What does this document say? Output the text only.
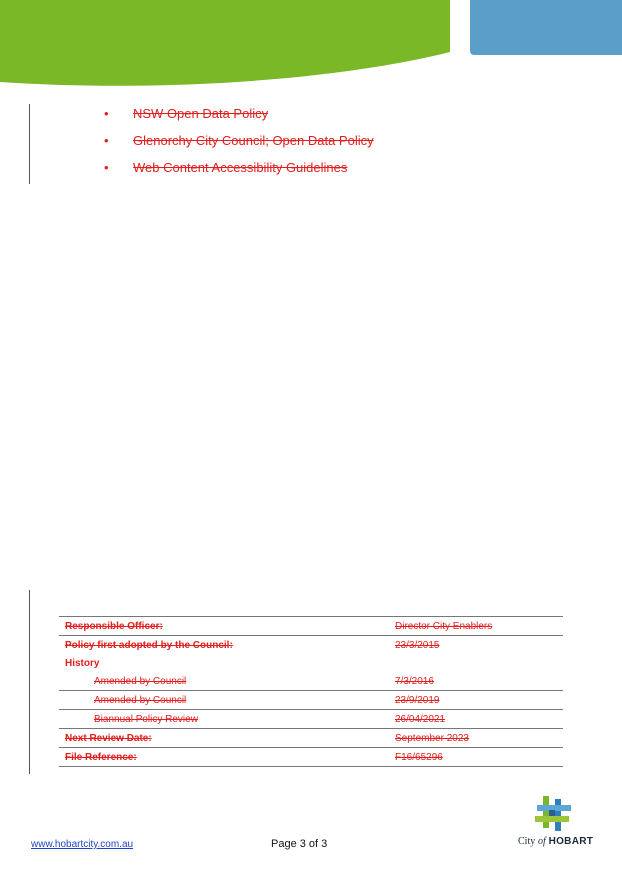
• NSW Open Data Policy
• Glenorchy City Council; Open Data Policy
• Web Content Accessibility Guidelines
Responsible Officer:	Director City Enablers
Policy first adopted by the Council:	23/3/2015
History	
Amended by Council	7/3/2016
Amended by Council	23/9/2019
Biannual Policy Review	26/04/2021
Next Review Date:	September 2023
File Reference:	F16/65296
www.hobartcity.com.au	Page 3 of 3	City of HOBART
